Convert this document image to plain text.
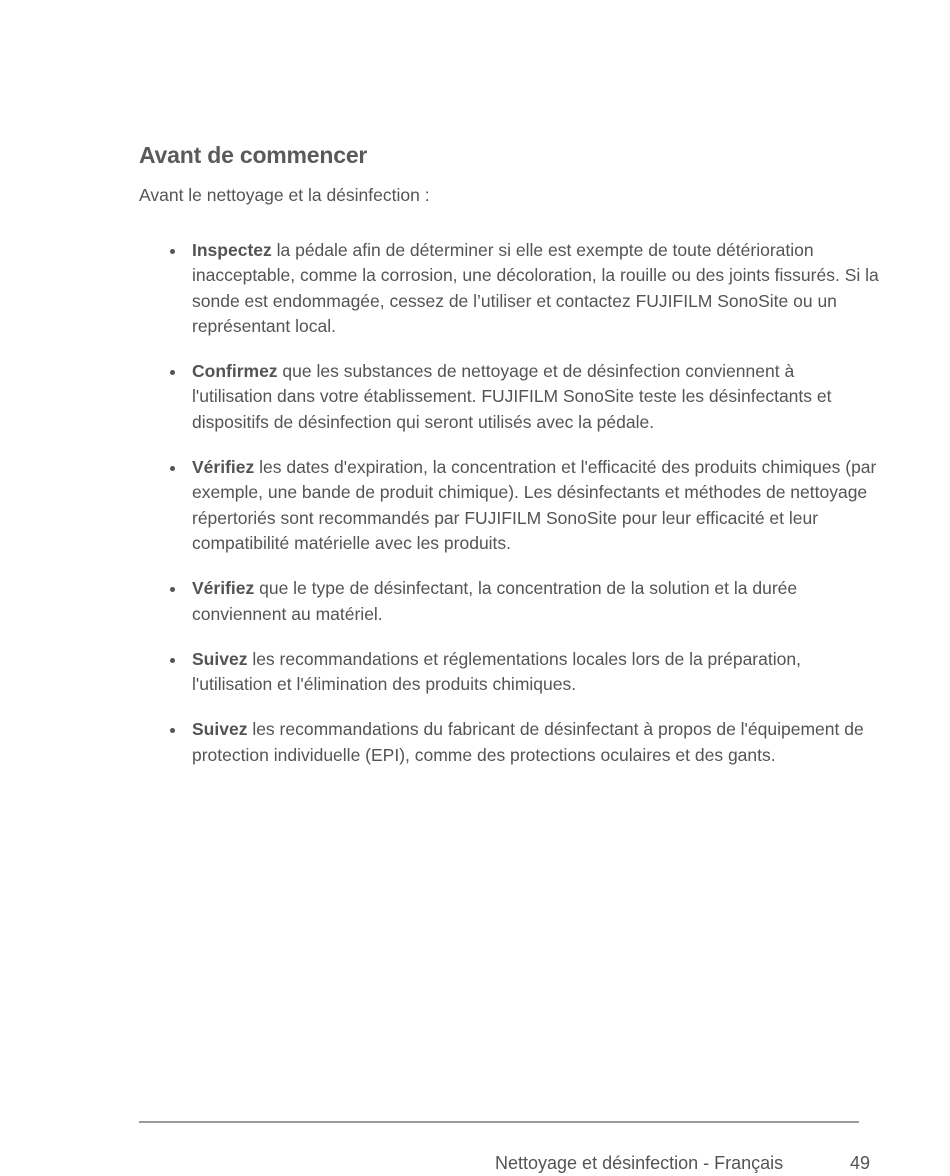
Avant de commencer

Avant le nettoyage et la désinfection :

Inspectez la pédale afin de déterminer si elle est exempte de toute détérioration inacceptable, comme la corrosion, une décoloration, la rouille ou des joints fissurés. Si la sonde est endommagée, cessez de l’utiliser et contactez FUJIFILM SonoSite ou un représentant local.
Confirmez que les substances de nettoyage et de désinfection conviennent à l'utilisation dans votre établissement. FUJIFILM SonoSite teste les désinfectants et dispositifs de désinfection qui seront utilisés avec la pédale.
Vérifiez les dates d'expiration, la concentration et l'efficacité des produits chimiques (par exemple, une bande de produit chimique). Les désinfectants et méthodes de nettoyage répertoriés sont recommandés par FUJIFILM SonoSite pour leur efficacité et leur compatibilité matérielle avec les produits.
Vérifiez que le type de désinfectant, la concentration de la solution et la durée conviennent au matériel.
Suivez les recommandations et réglementations locales lors de la préparation, l'utilisation et l'élimination des produits chimiques.
Suivez les recommandations du fabricant de désinfectant à propos de l'équipement de protection individuelle (EPI), comme des protections oculaires et des gants.
Nettoyage et désinfection - Français	49
